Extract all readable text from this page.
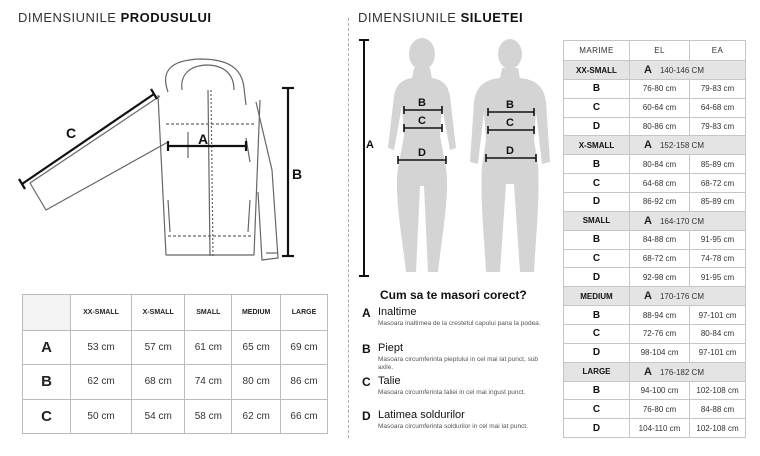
DIMENSIUNILE PRODUSULUI
A
B
C
	XX-SMALL	X-SMALL	SMALL	MEDIUM	LARGE
A	53 cm	57 cm	61 cm	65 cm	69 cm
B	62 cm	68 cm	74 cm	80 cm	86 cm
C	50 cm	54 cm	58 cm	62 cm	66 cm
DIMENSIUNILE SILUETEI
A
B
C
D
B
C
D
Cum sa te masori corect?
A Inaltime
Masoara inaltimea de la crestetul capului pana la podea.
B Piept
Masoara circumferinta pieptului in cel mai lat punct, sub axile.
C Talie
Masoara circumferinta taliei in cel mai ingust punct.
D Latimea soldurilor
Masoara circumferinta soldurilor in cel mai lat punct.
MARIME	EL	EA
XX-SMALL	A 140-146 CM	
B	76-80 cm	79-83 cm
C	60-64 cm	64-68 cm
D	80-86 cm	79-83 cm
X-SMALL	A 152-158 CM	
B	80-84 cm	85-89 cm
C	64-68 cm	68-72 cm
D	86-92 cm	85-89 cm
SMALL	A 164-170 CM	
B	84-88 cm	91-95 cm
C	68-72 cm	74-78 cm
D	92-98 cm	91-95 cm
MEDIUM	A 170-176 CM	
B	88-94 cm	97-101 cm
C	72-76 cm	80-84 cm
D	98-104 cm	97-101 cm
LARGE	A 176-182 CM	
B	94-100 cm	102-108 cm
C	76-80 cm	84-88 cm
D	104-110 cm	102-108 cm
